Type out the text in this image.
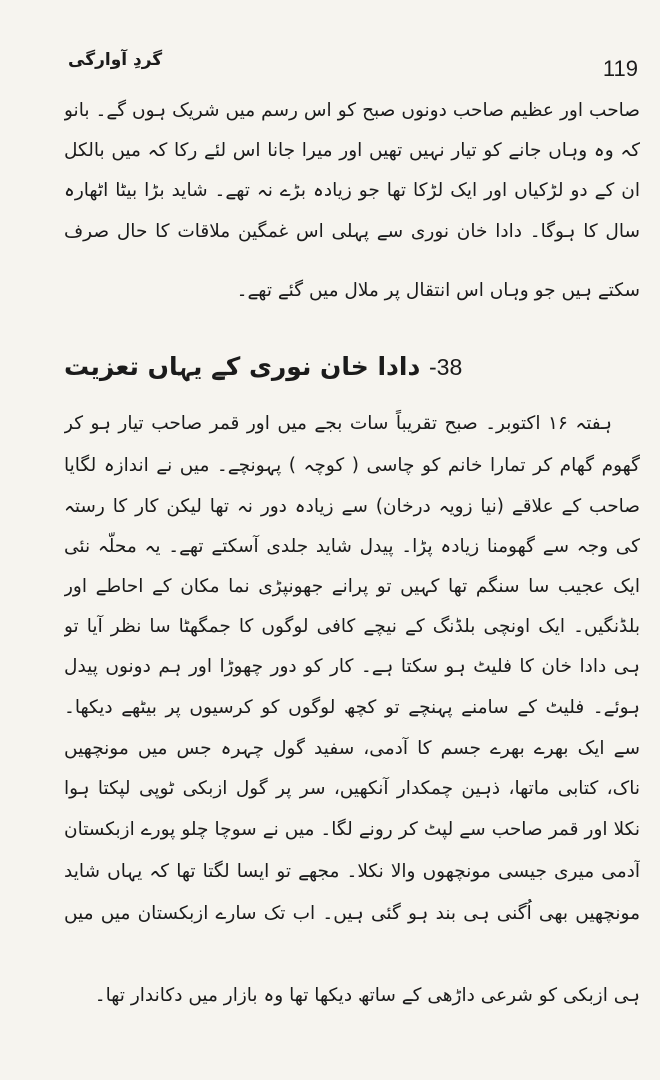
گردِ آوارگی	119
صاحب اور عظیم صاحب دونوں صبح کو اس رسم میں شریک ہوں گے۔ بانو
کہ وہ وہاں جانے کو تیار نہیں تھیں اور میرا جانا اس لئے رکا کہ میں بالکل
ان کے دو لڑکیاں اور ایک لڑکا تھا جو زیادہ بڑے نہ تھے۔ شاید بڑا بیٹا اٹھارہ
سال کا ہوگا۔ دادا خان نوری سے پہلی اس غمگین ملاقات کا حال صرف
سکتے ہیں جو وہاں اس انتقال پر ملال میں گئے تھے۔
38- دادا خان نوری کے یہاں تعزیت
ہفتہ ۱۶ اکتوبر۔ صبح تقریباً سات بجے میں اور قمر صاحب تیار ہو کر
گھوم گھام کر تمارا خانم کو چاسی ( کوچہ ) پہونچے۔ میں نے اندازہ لگایا
صاحب کے علاقے (نیا زویہ درخان) سے زیادہ دور نہ تھا لیکن کار کا رستہ
کی وجہ سے گھومنا زیادہ پڑا۔ پیدل شاید جلدی آسکتے تھے۔ یہ محلّہ نئی
ایک عجیب سا سنگم تھا کہیں تو پرانے جھونپڑی نما مکان کے احاطے اور
بلڈنگیں۔ ایک اونچی بلڈنگ کے نیچے کافی لوگوں کا جمگھٹا سا نظر آیا تو
ہی دادا خان کا فلیٹ ہو سکتا ہے۔ کار کو دور چھوڑا اور ہم دونوں پیدل
ہوئے۔ فلیٹ کے سامنے پہنچے تو کچھ لوگوں کو کرسیوں پر بیٹھے دیکھا۔
سے ایک بھرے بھرے جسم کا آدمی، سفید گول چہرہ جس میں مونچھیں
ناک، کتابی ماتھا، ذہین چمکدار آنکھیں، سر پر گول ازبکی ٹوپی لپکتا ہوا
نکلا اور قمر صاحب سے لپٹ کر رونے لگا۔ میں نے سوچا چلو پورے ازبکستان
آدمی میری جیسی مونچھوں والا نکلا۔ مجھے تو ایسا لگتا تھا کہ یہاں شاید
مونچھیں بھی اُگنی ہی بند ہو گئی ہیں۔ اب تک سارے ازبکستان میں میں
ہی ازبکی کو شرعی داڑھی کے ساتھ دیکھا تھا وہ بازار میں دکاندار تھا۔
